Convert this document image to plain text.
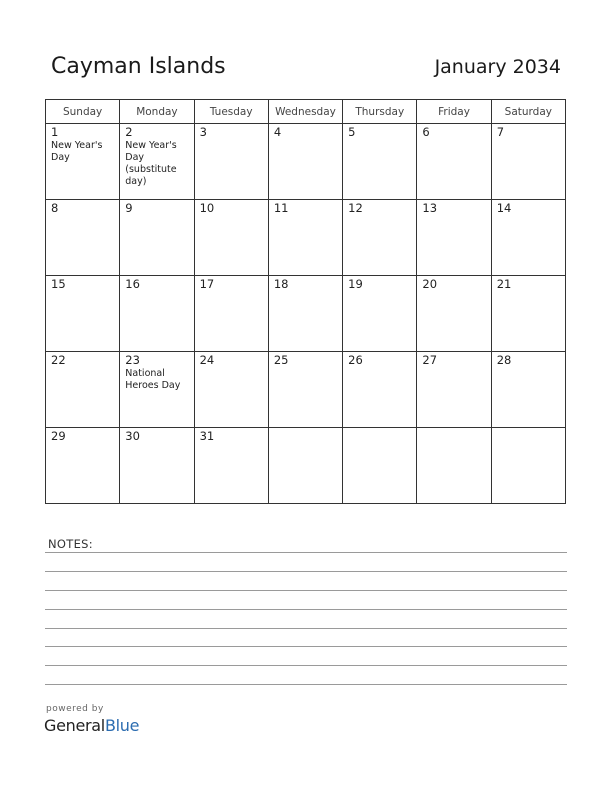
Cayman Islands	January 2034
Sunday	Monday	Tuesday	Wednesday	Thursday	Friday	Saturday

1
New Year's
Day	2
New Year's
Day
(substitute
day)	3	4	5	6	7

8	9	10	11	12	13	14

15	16	17	18	19	20	21

22	23
National
Heroes Day	24	25	26	27	28

29	30	31				

NOTES:
powered by
GeneralBlue
